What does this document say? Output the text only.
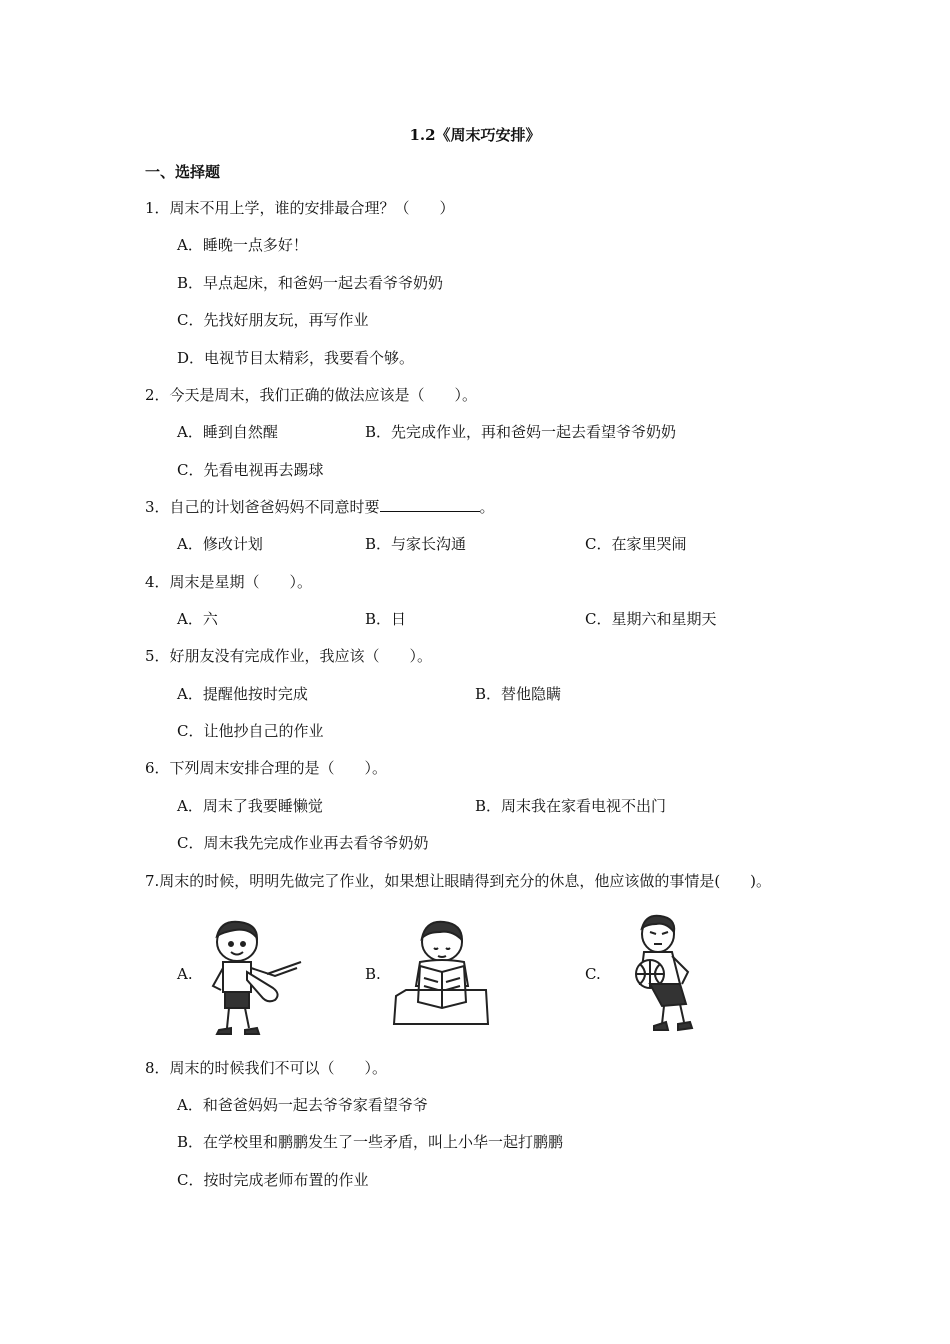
1.2《周末巧安排》
一、选择题
1．周末不用上学，谁的安排最合理？（　　）
A．睡晚一点多好！
B．早点起床，和爸妈一起去看爷爷奶奶
C．先找好朋友玩，再写作业
D．电视节目太精彩，我要看个够。
2．今天是周末，我们正确的做法应该是（　　）。
A．睡到自然醒	B．先完成作业，再和爸妈一起去看望爷爷奶奶
C．先看电视再去踢球
3．自己的计划爸爸妈妈不同意时要	。
A．修改计划	B．与家长沟通	C．在家里哭闹
4．周末是星期（　　）。
A．六	B．日	C．星期六和星期天
5．好朋友没有完成作业，我应该（　　）。
A．提醒他按时完成	B．替他隐瞒
C．让他抄自己的作业
6．下列周末安排合理的是（　　）。
A．周末了我要睡懒觉	B．周末我在家看电视不出门
C．周末我先完成作业再去看爷爷奶奶
7.周末的时候，明明先做完了作业，如果想让眼睛得到充分的休息，他应该做的事情是(　　)。
A.	B.	C.
8．周末的时候我们不可以（　　）。
A．和爸爸妈妈一起去爷爷家看望爷爷
B．在学校里和鹏鹏发生了一些矛盾，叫上小华一起打鹏鹏
C．按时完成老师布置的作业
